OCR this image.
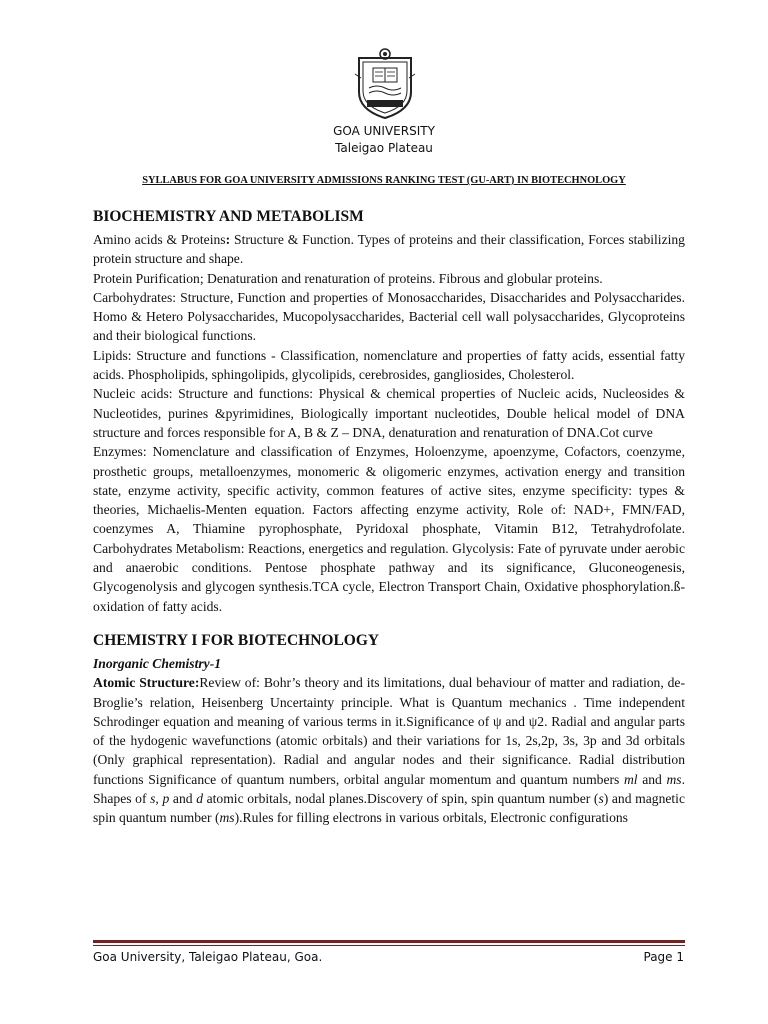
GOA UNIVERSITY
Taleigao Plateau
SYLLABUS FOR GOA UNIVERSITY ADMISSIONS RANKING TEST (GU-ART) IN BIOTECHNOLOGY
BIOCHEMISTRY AND METABOLISM

Amino acids & Proteins: Structure & Function. Types of proteins and their classification, Forces stabilizing protein structure and shape.

Protein Purification; Denaturation and renaturation of proteins. Fibrous and globular proteins.

Carbohydrates: Structure, Function and properties of Monosaccharides, Disaccharides and Polysaccharides. Homo & Hetero Polysaccharides, Mucopolysaccharides, Bacterial cell wall polysaccharides, Glycoproteins and their biological functions.

Lipids: Structure and functions - Classification, nomenclature and properties of fatty acids, essential fatty acids. Phospholipids, sphingolipids, glycolipids, cerebrosides, gangliosides, Cholesterol.

Nucleic acids: Structure and functions: Physical & chemical properties of Nucleic acids, Nucleosides & Nucleotides, purines &pyrimidines, Biologically important nucleotides, Double helical model of DNA structure and forces responsible for A, B & Z – DNA, denaturation and renaturation of DNA.Cot curve

Enzymes: Nomenclature and classification of Enzymes, Holoenzyme, apoenzyme, Cofactors, coenzyme, prosthetic groups, metalloenzymes, monomeric & oligomeric enzymes, activation energy and transition state, enzyme activity, specific activity, common features of active sites, enzyme specificity: types & theories, Michaelis-Menten equation. Factors affecting enzyme activity, Role of: NAD+, FMN/FAD, coenzymes A, Thiamine pyrophosphate, Pyridoxal phosphate, Vitamin B12, Tetrahydrofolate. Carbohydrates Metabolism: Reactions, energetics and regulation. Glycolysis: Fate of pyruvate under aerobic and anaerobic conditions. Pentose phosphate pathway and its significance, Gluconeogenesis, Glycogenolysis and glycogen synthesis.TCA cycle, Electron Transport Chain, Oxidative phosphorylation.ß-oxidation of fatty acids.

CHEMISTRY I FOR BIOTECHNOLOGY

Inorganic Chemistry-1

Atomic Structure:Review of: Bohr’s theory and its limitations, dual behaviour of matter and radiation, de-Broglie’s relation, Heisenberg Uncertainty principle. What is Quantum mechanics . Time independent Schrodinger equation and meaning of various terms in it.Significance of ψ and ψ2. Radial and angular parts of the hydogenic wavefunctions (atomic orbitals) and their variations for 1s, 2s,2p, 3s, 3p and 3d orbitals (Only graphical representation). Radial and angular nodes and their significance. Radial distribution functions Significance of quantum numbers, orbital angular momentum and quantum numbers ml and ms. Shapes of s, p and d atomic orbitals, nodal planes.Discovery of spin, spin quantum number (s) and magnetic spin quantum number (ms).Rules for filling electrons in various orbitals, Electronic configurations

Goa University, Taleigao Plateau, Goa.	Page 1
